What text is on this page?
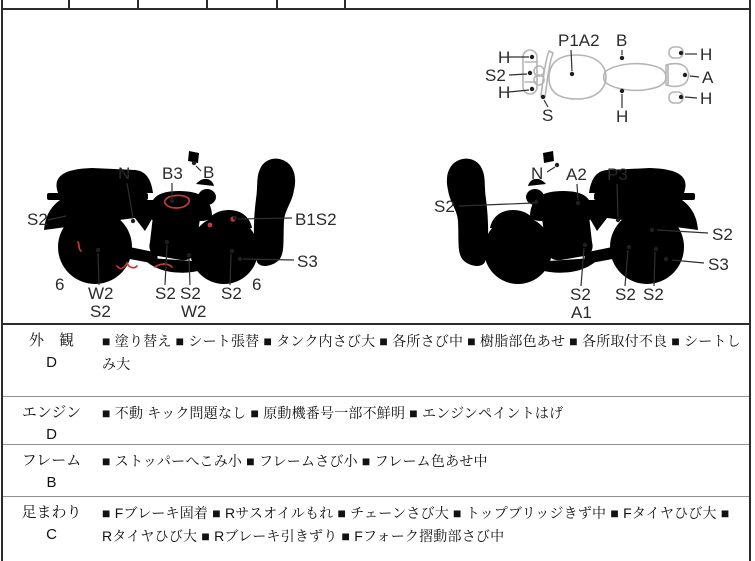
H
S2
H
S
P1A2 B
H
H
A
H
N B3 B
S2	B1S2
S3
6 W2
S2
S2 S2
W2
S2 6
N A2 P3
S2
S2
S3
S2
A1
S2 S2
外　観
D
■ 塗り替え ■ シート張替 ■ タンク内さび大 ■ 各所さび中 ■ 樹脂部色あせ ■ 各所取付不良 ■ シートしみ大
エンジン
D
■ 不動 キック問題なし ■ 原動機番号一部不鮮明 ■ エンジンペイントはげ
フレーム
B
■ ストッパーへこみ小 ■ フレームさび小 ■ フレーム色あせ中
足まわり
C
■ Fブレーキ固着 ■ Rサスオイルもれ ■ チェーンさび大 ■ トップブリッジきず中 ■ Fタイヤひび大 ■ Rタイヤひび大 ■ Rブレーキ引きずり ■ Fフォーク摺動部さび中
